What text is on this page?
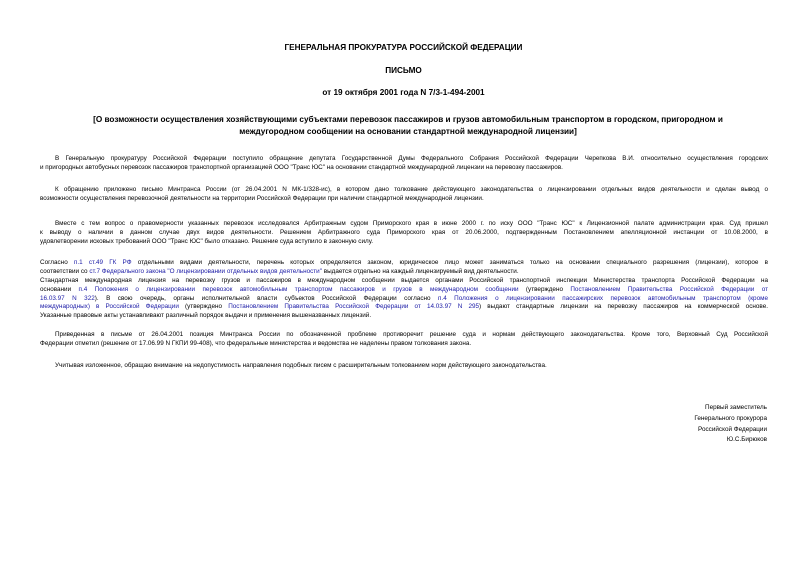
ГЕНЕРАЛЬНАЯ ПРОКУРАТУРА РОССИЙСКОЙ ФЕДЕРАЦИИ
ПИСЬМО
от 19 октября 2001 года N 7/3-1-494-2001
[О возможности осуществления хозяйствующими субъектами перевозок пассажиров и грузов автомобильным транспортом в городском, пригородном и
междугородном сообщении на основании стандартной международной лицензии]
В Генеральную прокуратуру Российской Федерации поступило обращение депутата Государственной Думы Федерального Собрания Российской Федерации Черепкова В.И. относительно осуществления городских
и пригородных автобусных перевозок пассажиров транспортной организацией ООО "Транс ЮС" на основании стандартной международной лицензии на перевозку пассажиров.
К обращению приложено письмо Минтранса России (от 26.04.2001 N МК-1/328-ис), в котором дано толкование действующего законодательства о лицензировании отдельных видов деятельности и сделан вывод о
возможности осуществления перевозочной деятельности на территории Российской Федерации при наличии стандартной международной лицензии.
Вместе с тем вопрос о правомерности указанных перевозок исследовался Арбитражным судом Приморского края в июне 2000 г. по иску ООО "Транс ЮС" к Лицензионной палате администрации края. Суд пришел
к выводу о наличии в данном случае двух видов деятельности. Решением Арбитражного суда Приморского края от 20.06.2000, подтвержденным Постановлением апелляционной инстанции от 10.08.2000, в
удовлетворении исковых требований ООО "Транс ЮС" было отказано. Решение суда вступило в законную силу.
Согласно п.1 ст.49 ГК РФ отдельными видами деятельности, перечень которых определяется законом, юридическое лицо может заниматься только на основании специального разрешения (лицензии), которое в
соответствии со ст.7 Федерального закона "О лицензировании отдельных видов деятельности" выдается отдельно на каждый лицензируемый вид деятельности.
Стандартная международная лицензия на перевозку грузов и пассажиров в международном сообщении выдается органами Российской транспортной инспекции Министерства транспорта Российской Федерации на
основании п.4 Положения о лицензировании перевозок автомобильным транспортом пассажиров и грузов в международном сообщении (утверждено Постановлением Правительства Российской Федерации от
16.03.97 N 322). В свою очередь, органы исполнительной власти субъектов Российской Федерации согласно п.4 Положения о лицензировании пассажирских перевозок автомобильным транспортом (кроме
международных) в Российской Федерации (утверждено Постановлением Правительства Российской Федерации от 14.03.97 N 295) выдают стандартные лицензии на перевозку пассажиров на коммерческой основе.
Указанные правовые акты устанавливают различный порядок выдачи и применения вышеназванных лицензий.
Приведенная в письме от 26.04.2001 позиция Минтранса России по обозначенной проблеме противоречит решение суда и нормам действующего законодательства. Кроме того, Верховный Суд Российской
Федерации отметил (решение от 17.06.99 N ГКПИ 99-408), что федеральные министерства и ведомства не наделены правом толкования закона.
Учитывая изложенное, обращаю внимание на недопустимость направления подобных писем с расширительным толкованием норм действующего законодательства.
Первый заместитель
Генерального прокурора
Российской Федерации
Ю.С.Бирюков
